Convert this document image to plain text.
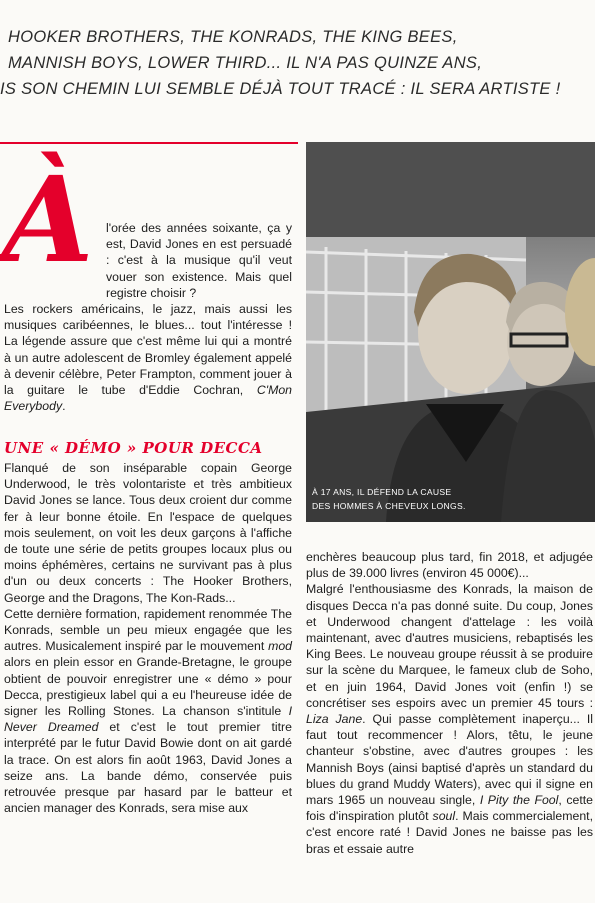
HOOKER BROTHERS, THE KONRADS, THE KING BEES,
MANNISH BOYS, LOWER THIRD... IL N'A PAS QUINZE ANS,
IS SON CHEMIN LUI SEMBLE DÉJÀ TOUT TRACÉ : IL SERA ARTISTE !
À	l'orée des années soixante, ça y est, David Jones en est persuadé : c'est à la musique qu'il veut vouer son existence. Mais quel registre choisir ?
Les rockers américains, le jazz, mais aussi les musiques caribéennes, le blues... tout l'intéresse ! La légende assure que c'est même lui qui a montré à un autre adolescent de Bromley également appelé à devenir célèbre, Peter Frampton, comment jouer à la guitare le tube d'Eddie Cochran, C'Mon Everybody.
UNE « DÉMO » POUR DECCA
Flanqué de son inséparable copain George Underwood, le très volontariste et très ambitieux David Jones se lance. Tous deux croient dur comme fer à leur bonne étoile. En l'espace de quelques mois seulement, on voit les deux garçons à l'affiche de toute une série de petits groupes locaux plus ou moins éphémères, certains ne survivant pas à plus d'un ou deux concerts : The Hooker Brothers, George and the Dragons, The Kon-Rads...
Cette dernière formation, rapidement renommée The Konrads, semble un peu mieux engagée que les autres. Musicalement inspiré par le mouvement mod alors en plein essor en Grande-Bretagne, le groupe obtient de pouvoir enregistrer une « démo » pour Decca, prestigieux label qui a eu l'heureuse idée de signer les Rolling Stones. La chanson s'intitule I Never Dreamed et c'est le tout premier titre interprété par le futur David Bowie dont on ait gardé la trace. On est alors fin août 1963, David Jones a seize ans. La bande démo, conservée puis retrouvée presque par hasard par le batteur et ancien manager des Konrads, sera mise aux
À 17 ANS, IL DÉFEND LA CAUSE
DES HOMMES À CHEVEUX LONGS.
enchères beaucoup plus tard, fin 2018, et adjugée plus de 39.000 livres (environ 45 000€)...
Malgré l'enthousiasme des Konrads, la maison de disques Decca n'a pas donné suite. Du coup, Jones et Underwood changent d'attelage : les voilà maintenant, avec d'autres musiciens, rebaptisés les King Bees. Le nouveau groupe réussit à se produire sur la scène du Marquee, le fameux club de Soho, et en juin 1964, David Jones voit (enfin !) se concrétiser ses espoirs avec un premier 45 tours : Liza Jane. Qui passe complètement inaperçu... Il faut tout recommencer ! Alors, têtu, le jeune chanteur s'obstine, avec d'autres groupes : les Mannish Boys (ainsi baptisé d'après un standard du blues du grand Muddy Waters), avec qui il signe en mars 1965 un nouveau single, I Pity the Fool, cette fois d'inspiration plutôt soul. Mais commercialement, c'est encore raté ! David Jones ne baisse pas les bras et essaie autre
